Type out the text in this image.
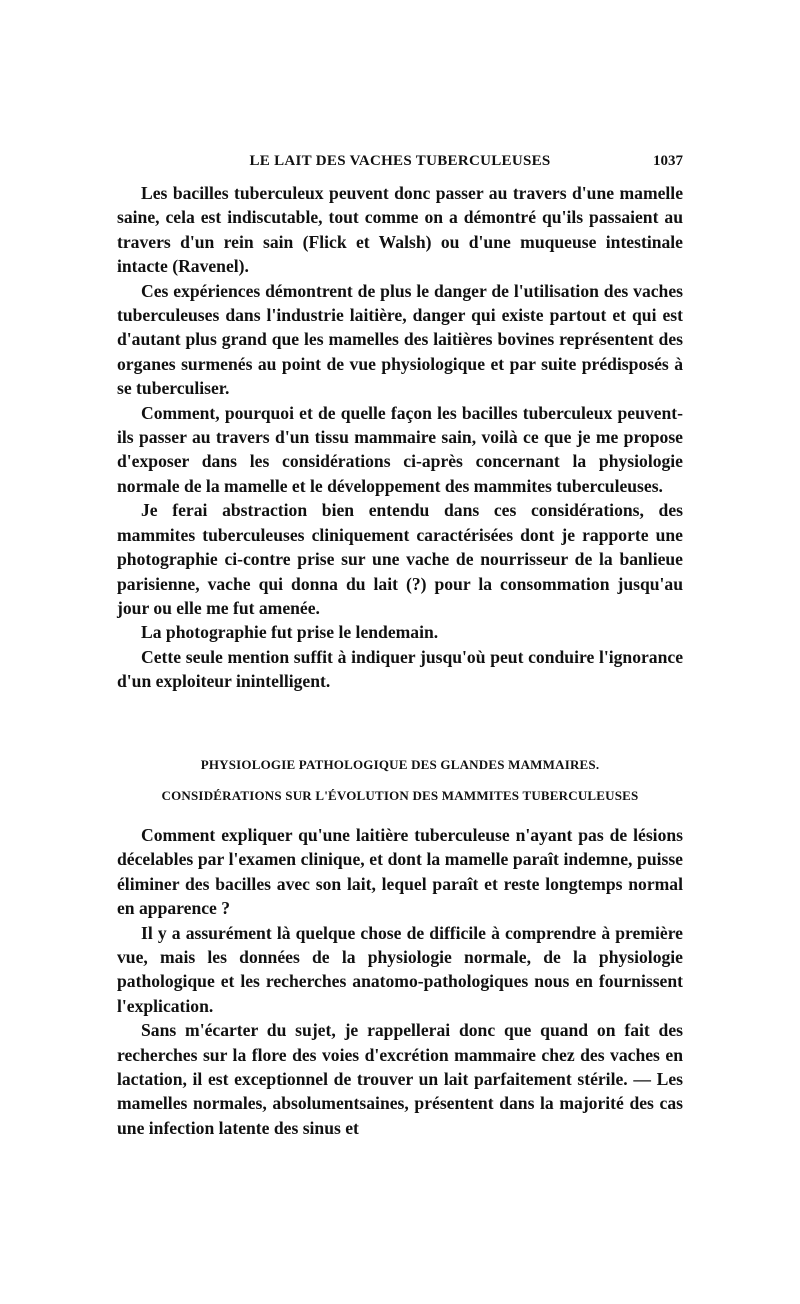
LE LAIT DES VACHES TUBERCULEUSES	1037

Les bacilles tuberculeux peuvent donc passer au travers d'une mamelle saine, cela est indiscutable, tout comme on a démontré qu'ils passaient au travers d'un rein sain (Flick et Walsh) ou d'une muqueuse intestinale intacte (Ravenel).

Ces expériences démontrent de plus le danger de l'utilisation des vaches tuberculeuses dans l'industrie laitière, danger qui existe partout et qui est d'autant plus grand que les mamelles des laitières bovines représentent des organes surmenés au point de vue physiologique et par suite prédisposés à se tuberculiser.

Comment, pourquoi et de quelle façon les bacilles tuberculeux peuvent-ils passer au travers d'un tissu mammaire sain, voilà ce que je me propose d'exposer dans les considérations ci-après concernant la physiologie normale de la mamelle et le développement des mammites tuberculeuses.

Je ferai abstraction bien entendu dans ces considérations, des mammites tuberculeuses cliniquement caractérisées dont je rapporte une photographie ci-contre prise sur une vache de nourrisseur de la banlieue parisienne, vache qui donna du lait (?) pour la consommation jusqu'au jour ou elle me fut amenée.

La photographie fut prise le lendemain.

Cette seule mention suffit à indiquer jusqu'où peut conduire l'ignorance d'un exploiteur inintelligent.

PHYSIOLOGIE PATHOLOGIQUE DES GLANDES MAMMAIRES.
CONSIDÉRATIONS SUR L'ÉVOLUTION DES MAMMITES TUBERCULEUSES

Comment expliquer qu'une laitière tuberculeuse n'ayant pas de lésions décelables par l'examen clinique, et dont la mamelle paraît indemne, puisse éliminer des bacilles avec son lait, lequel paraît et reste longtemps normal en apparence ?

Il y a assurément là quelque chose de difficile à comprendre à première vue, mais les données de la physiologie normale, de la physiologie pathologique et les recherches anatomo-pathologiques nous en fournissent l'explication.

Sans m'écarter du sujet, je rappellerai donc que quand on fait des recherches sur la flore des voies d'excrétion mammaire chez des vaches en lactation, il est exceptionnel de trouver un lait parfaitement stérile. — Les mamelles normales, absolumentsaines, présentent dans la majorité des cas une infection latente des sinus et
